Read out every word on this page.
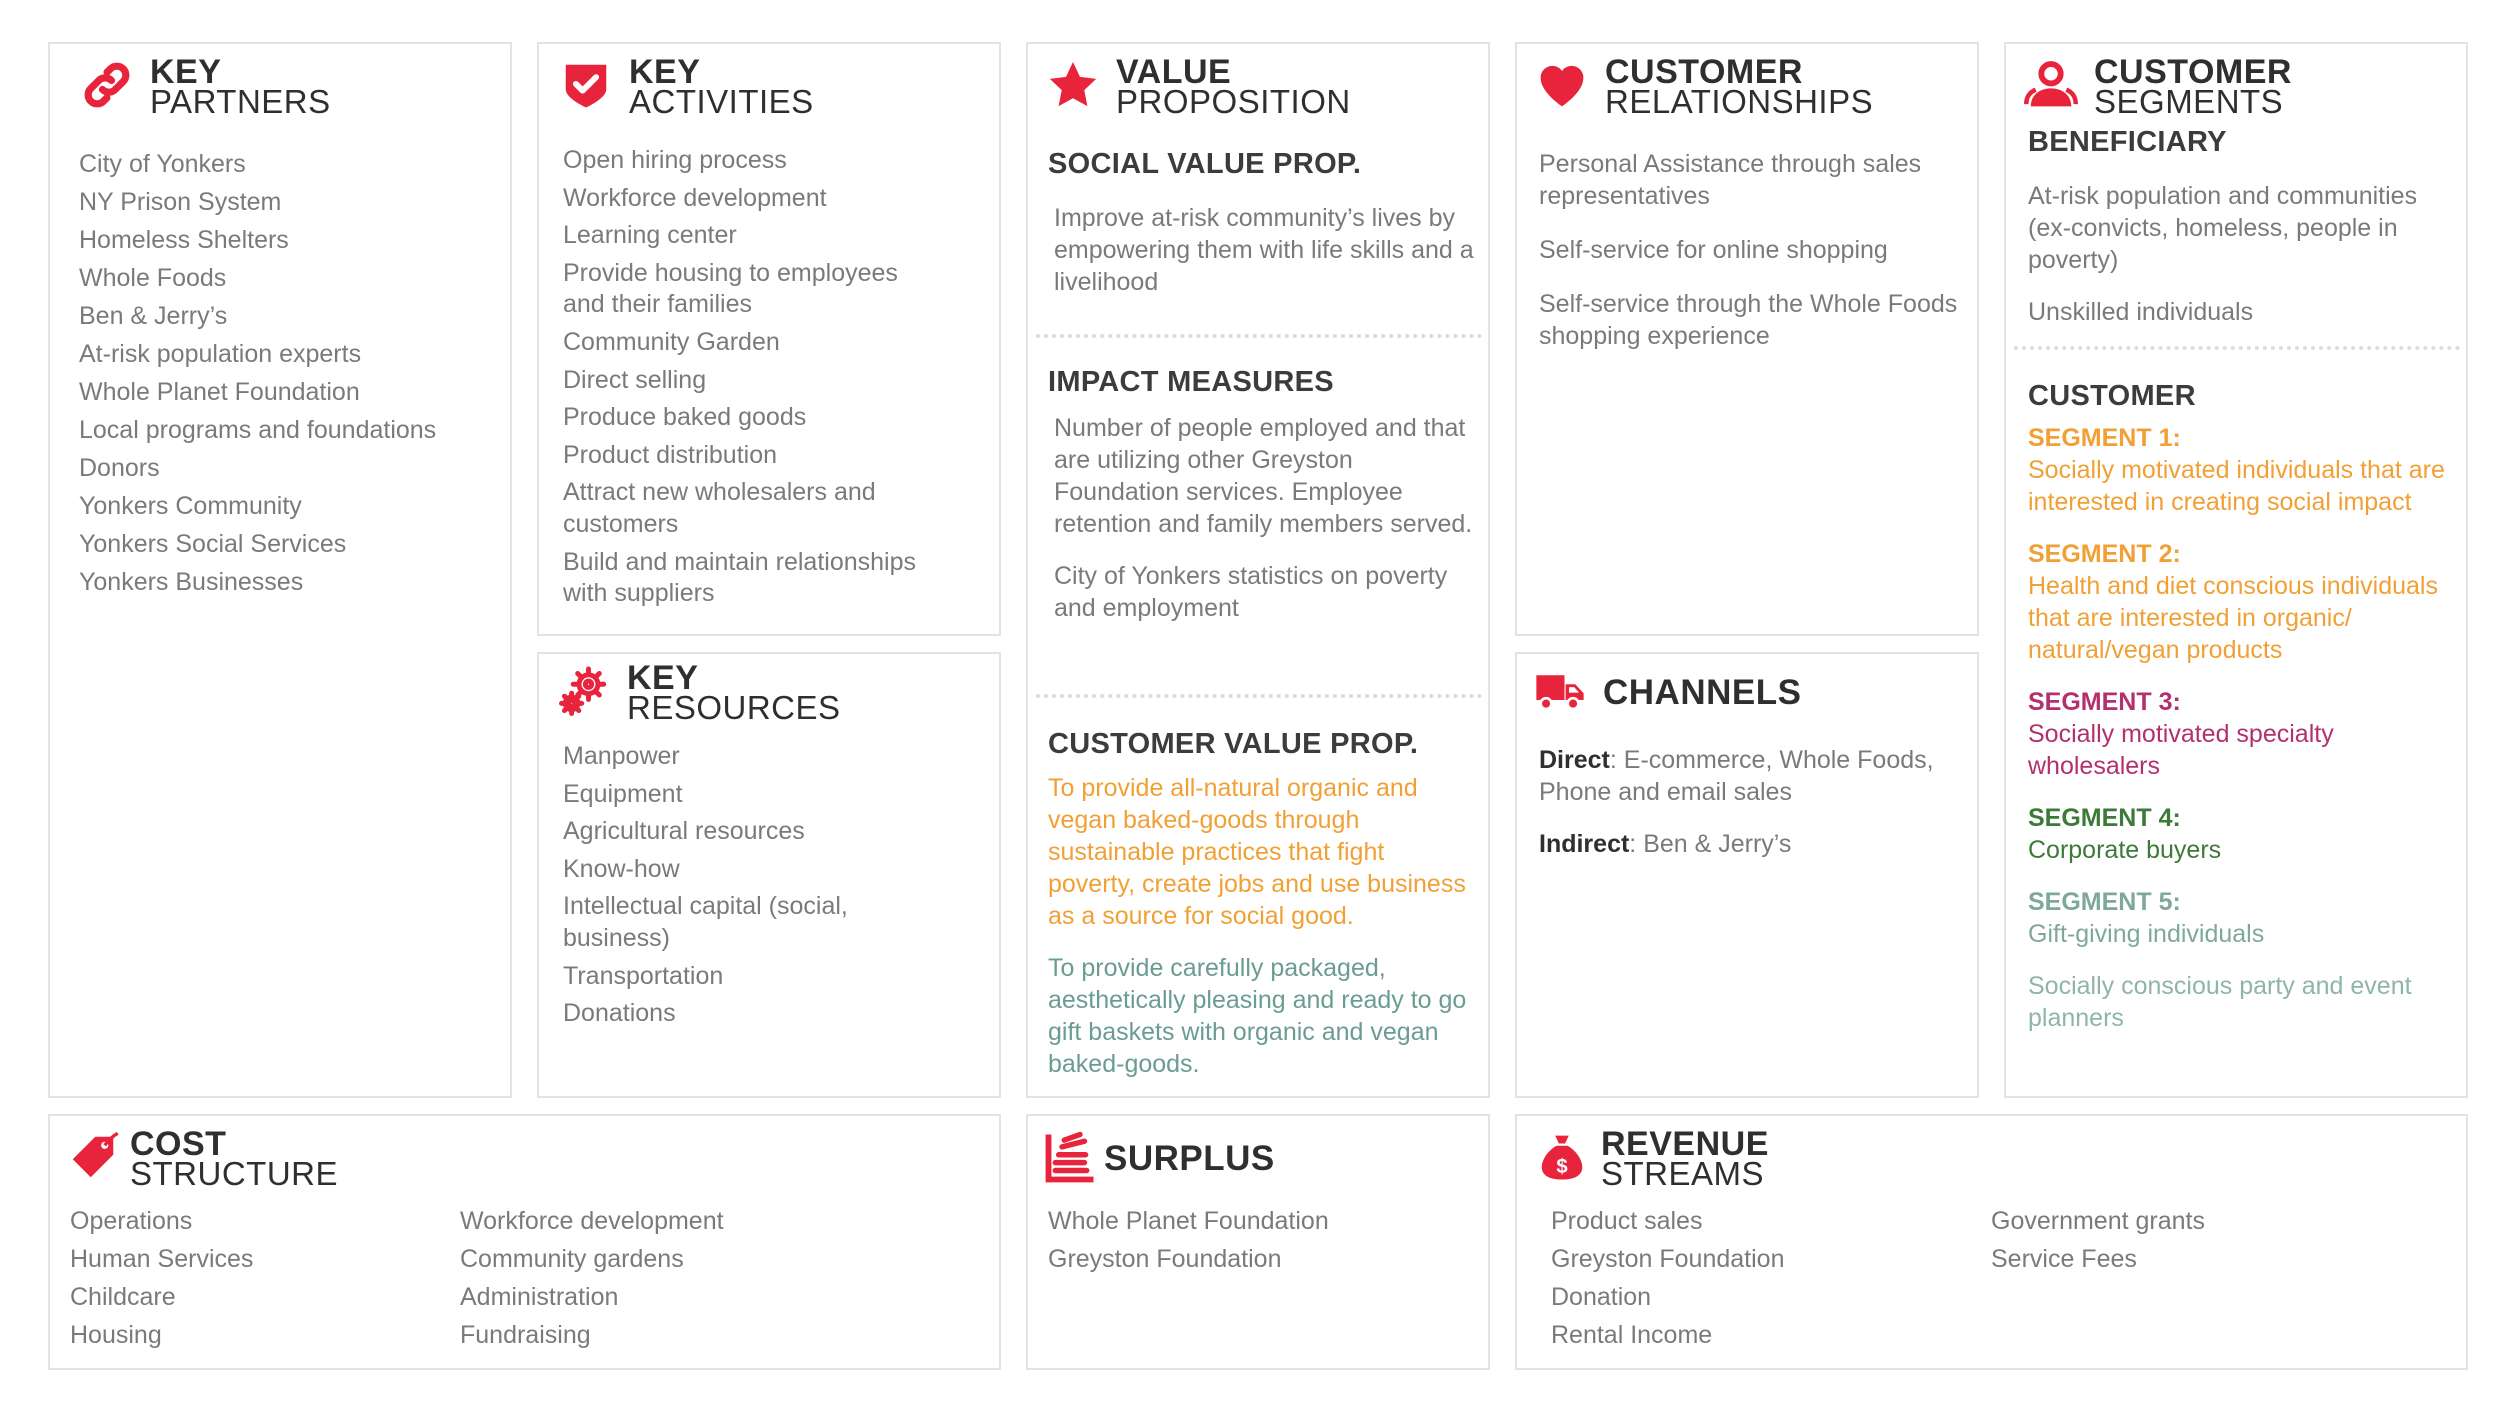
KEY
PARTNERS
City of Yonkers
NY Prison System
Homeless Shelters
Whole Foods
Ben & Jerry’s
At-risk population experts
Whole Planet Foundation
Local programs and foundations
Donors
Yonkers Community
Yonkers Social Services
Yonkers Businesses
KEY
ACTIVITIES
Open hiring process
Workforce development
Learning center
Provide housing to employees
and their families
Community Garden
Direct selling
Produce baked goods
Product distribution
Attract new wholesalers and
customers
Build and maintain relationships
with suppliers
KEY
RESOURCES
Manpower
Equipment
Agricultural resources
Know-how
Intellectual capital (social,
business)
Transportation
Donations
VALUE
PROPOSITION
SOCIAL VALUE PROP.

Improve at-risk community’s lives by empowering them with life skills and a livelihood

IMPACT MEASURES

Number of people employed and that are utilizing other Greyston Foundation services. Employee retention and family members served.

City of Yonkers statistics on poverty and employment

CUSTOMER VALUE PROP.

To provide all-natural organic and vegan baked-goods through sustainable practices that fight poverty, create jobs and use business as a source for social good.

To provide carefully packaged, aesthetically pleasing and ready to go gift baskets with organic and vegan baked-goods.

CUSTOMER
RELATIONSHIPS

Personal Assistance through sales representatives

Self-service for online shopping

Self-service through the Whole Foods shopping experience

CHANNELS

Direct: E-commerce, Whole Foods, Phone and email sales

Indirect: Ben & Jerry’s

CUSTOMER
SEGMENTS
BENEFICIARY

At-risk population and communities (ex-convicts, homeless, people in poverty)

Unskilled individuals

CUSTOMER
SEGMENT 1:
Socially motivated individuals that are interested in creating social impact
SEGMENT 2:
Health and diet conscious individuals that are interested in organic/ natural/vegan products
SEGMENT 3:
Socially motivated specialty wholesalers
SEGMENT 4:
Corporate buyers
SEGMENT 5:
Gift-giving individuals
Socially conscious party and event planners
COST
STRUCTURE
Operations
Human Services
Childcare
Housing
Workforce development
Community gardens
Administration
Fundraising
SURPLUS
Whole Planet Foundation
Greyston Foundation
$
REVENUE
STREAMS
Product sales
Greyston Foundation
Donation
Rental Income
Government grants
Service Fees
